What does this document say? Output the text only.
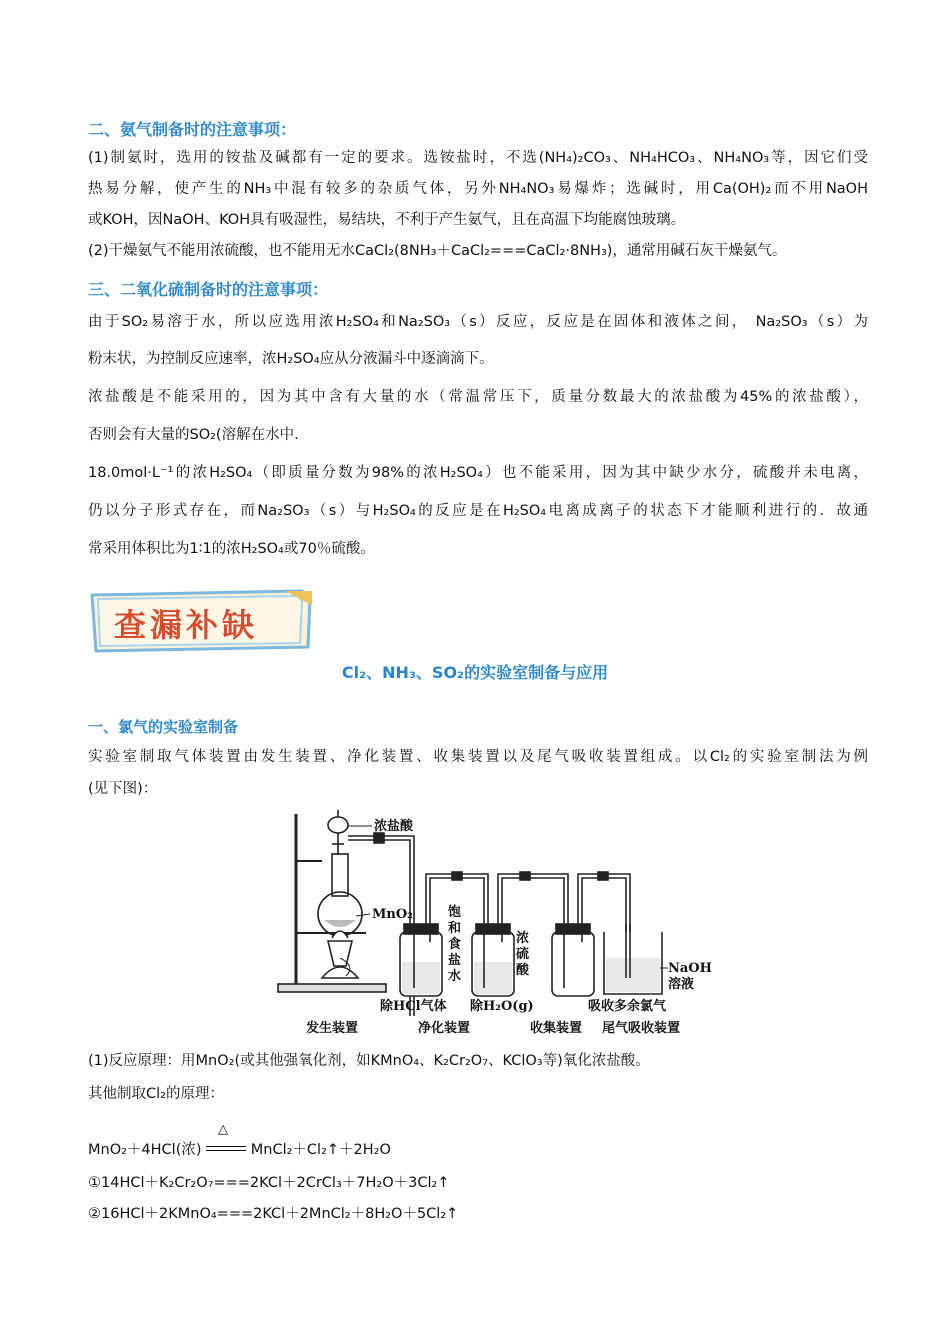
二、氨气制备时的注意事项：
(1)制氨时，选用的铵盐及碱都有一定的要求。选铵盐时，不选(NH₄)₂CO₃、NH₄HCO₃、NH₄NO₃等，因它们受
热易分解，使产生的NH₃中混有较多的杂质气体，另外NH₄NO₃易爆炸；选碱时，用Ca(OH)₂而不用NaOH
或KOH，因NaOH、KOH具有吸湿性，易结块，不利于产生氨气，且在高温下均能腐蚀玻璃。
(2)干燥氨气不能用浓硫酸，也不能用无水CaCl₂(8NH₃＋CaCl₂===CaCl₂·8NH₃)，通常用碱石灰干燥氨气。
三、二氧化硫制备时的注意事项：
由于SO₂易溶于水，所以应选用浓H₂SO₄和Na₂SO₃（s）反应，反应是在固体和液体之间， Na₂SO₃（s）为
粉末状，为控制反应速率，浓H₂SO₄应从分液漏斗中逐滴滴下。
浓盐酸是不能采用的，因为其中含有大量的水（常温常压下，质量分数最大的浓盐酸为45%的浓盐酸），
否则会有大量的SO₂(溶解在水中.
18.0mol·L⁻¹的浓H₂SO₄（即质量分数为98%的浓H₂SO₄）也不能采用，因为其中缺少水分，硫酸并未电离，
仍以分子形式存在，而Na₂SO₃（s）与H₂SO₄的反应是在H₂SO₄电离成离子的状态下才能顺利进行的．故通
常采用体积比为1∶1的浓H₂SO₄或70％硫酸。
查漏补缺
Cl₂、NH₃、SO₂的实验室制备与应用
一、氯气的实验室制备
实验室制取气体装置由发生装置、净化装置、收集装置以及尾气吸收装置组成。以Cl₂的实验室制法为例
(见下图)：
浓盐酸
MnO₂	饱
和
食
盐
水
浓
硫
酸	NaOH
溶液
除HCl气体 除H₂O(g)	吸收多余氯气
发生装置	净化装置	收集装置 尾气吸收装置
(1)反应原理：用MnO₂(或其他强氧化剂，如KMnO₄、K₂Cr₂O₇、KClO₃等)氧化浓盐酸。
其他制取Cl₂的原理：
MnO₂＋4HCl(浓)
△
MnCl₂＋Cl₂↑＋2H₂O
①14HCl＋K₂Cr₂O₇===2KCl＋2CrCl₃＋7H₂O＋3Cl₂↑
②16HCl＋2KMnO₄===2KCl＋2MnCl₂＋8H₂O＋5Cl₂↑
